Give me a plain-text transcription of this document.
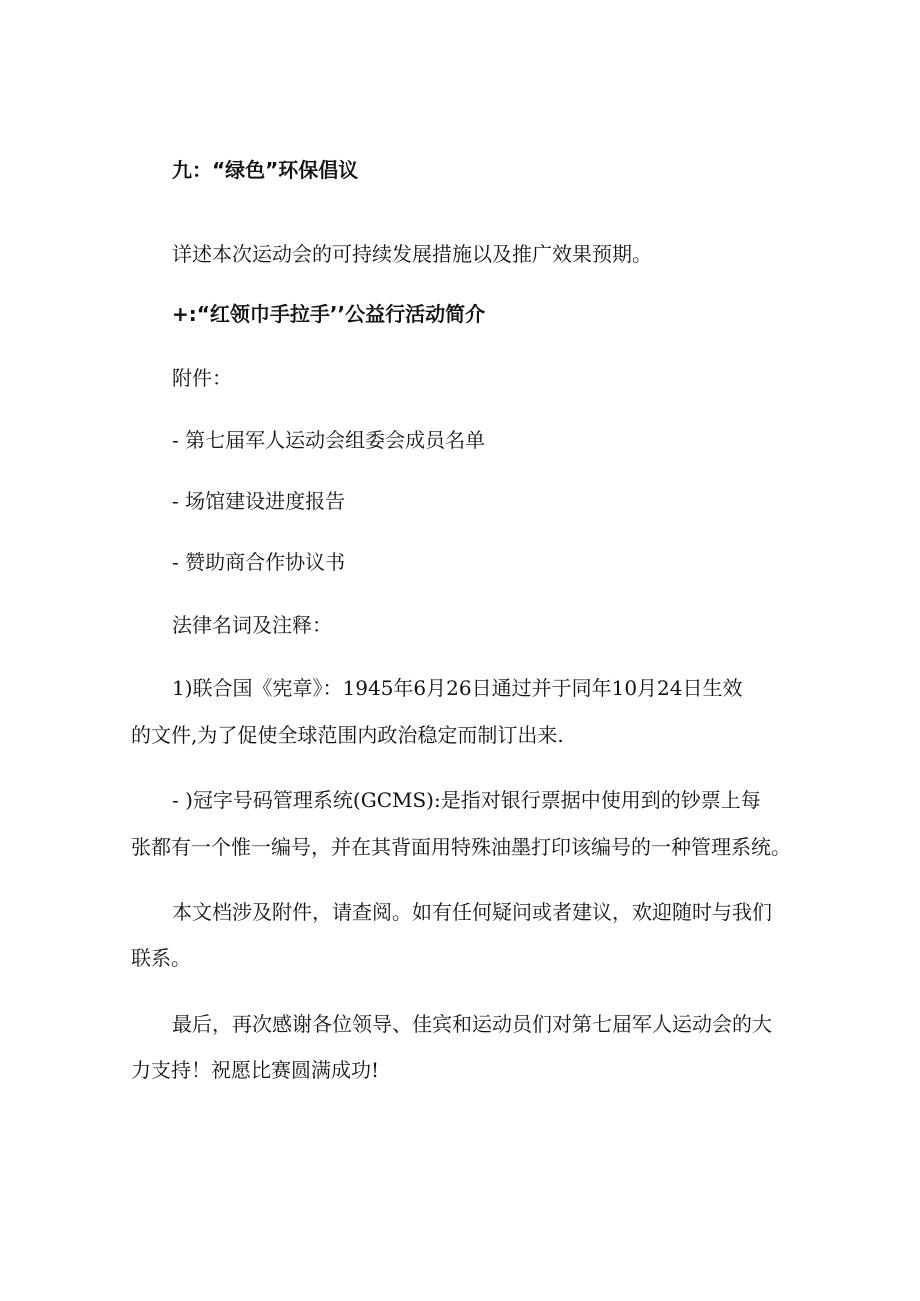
九：“绿色”环保倡议
详述本次运动会的可持续发展措施以及推广效果预期。
+:“红领巾手拉手’’公益行活动简介
附件：
- 第七届军人运动会组委会成员名单
- 场馆建设进度报告
- 赞助商合作协议书
法律名词及注释：
1)联合国《宪章》：1945年6月26日通过并于同年10月24日生效
的文件,为了促使全球范围内政治稳定而制订出来.
- )冠字号码管理系统(GCMS):是指对银行票据中使用到的钞票上每
张都有一个惟一编号，并在其背面用特殊油墨打印该编号的一种管理系统。
本文档涉及附件，请查阅。如有任何疑问或者建议，欢迎随时与我们
联系。
最后，再次感谢各位领导、佳宾和运动员们对第七届军人运动会的大
力支持！祝愿比赛圆满成功!
